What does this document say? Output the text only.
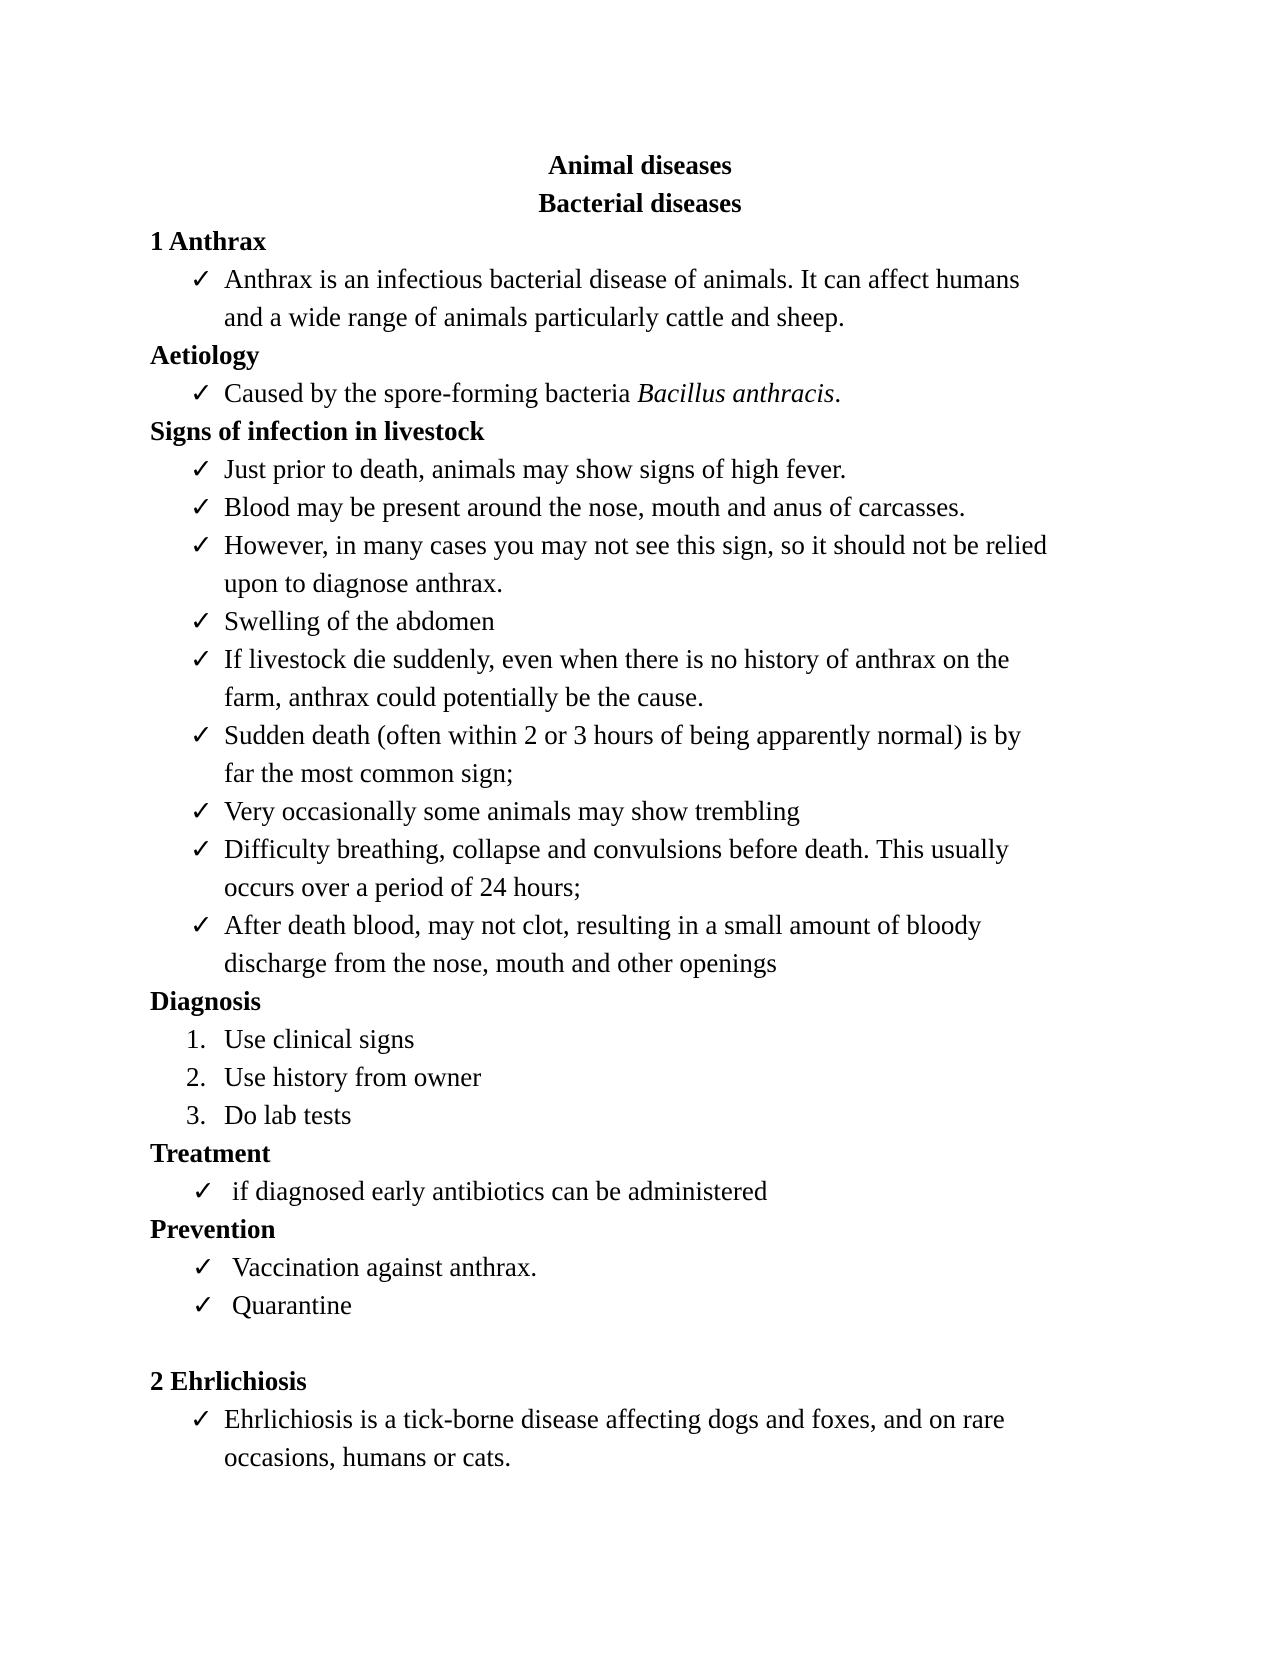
Animal diseases
Bacterial diseases
1 Anthrax
✓ Anthrax is an infectious bacterial disease of animals. It can affect humans
and a wide range of animals particularly cattle and sheep.
Aetiology
✓ Caused by the spore-forming bacteria Bacillus anthracis.
Signs of infection in livestock
✓ Just prior to death, animals may show signs of high fever.
✓ Blood may be present around the nose, mouth and anus of carcasses.
✓ However, in many cases you may not see this sign, so it should not be relied
upon to diagnose anthrax.
✓ Swelling of the abdomen
✓ If livestock die suddenly, even when there is no history of anthrax on the
farm, anthrax could potentially be the cause.
✓ Sudden death (often within 2 or 3 hours of being apparently normal) is by
far the most common sign;
✓ Very occasionally some animals may show trembling
✓ Difficulty breathing, collapse and convulsions before death. This usually
occurs over a period of 24 hours;
✓ After death blood, may not clot, resulting in a small amount of bloody
discharge from the nose, mouth and other openings
Diagnosis
1. Use clinical signs
2. Use history from owner
3. Do lab tests
Treatment
✓ if diagnosed early antibiotics can be administered
Prevention
✓ Vaccination against anthrax.
✓ Quarantine
2 Ehrlichiosis
✓ Ehrlichiosis is a tick-borne disease affecting dogs and foxes, and on rare
occasions, humans or cats.
